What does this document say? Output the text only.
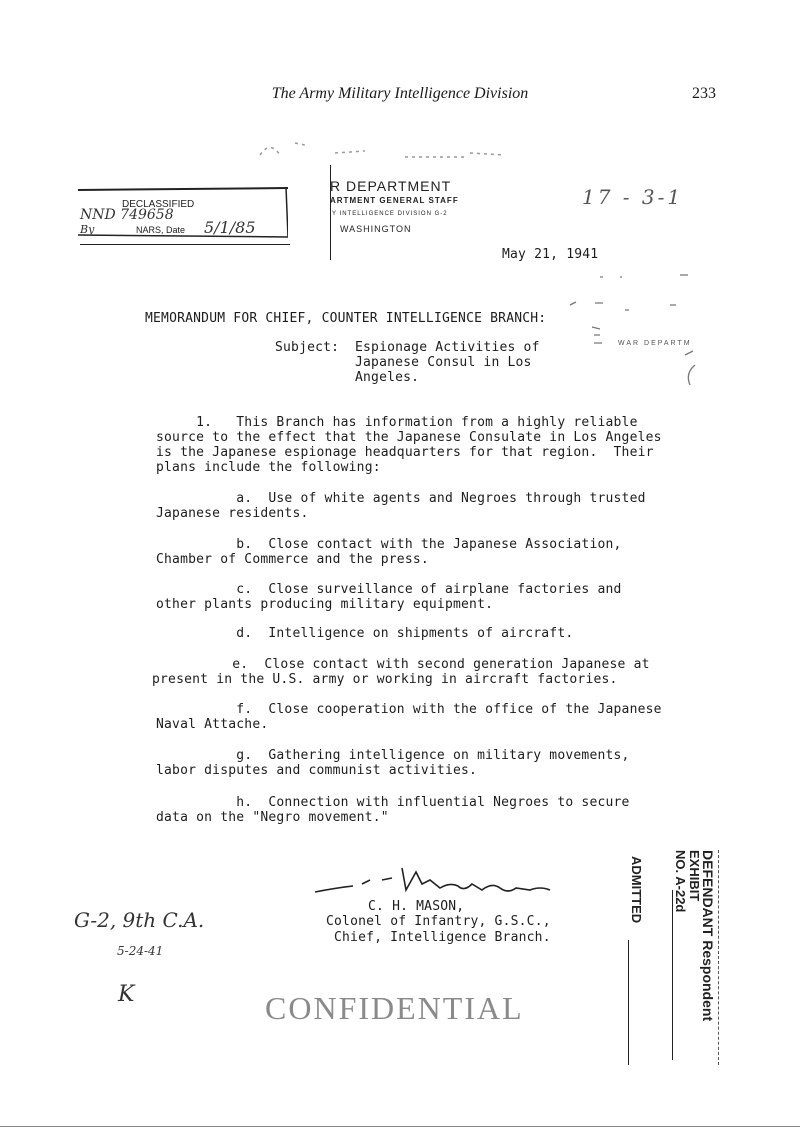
The Army Military Intelligence Division	233
DECLASSIFIED
NND 749658
By	NARS, Date 5/1/85
R DEPARTMENT
ARTMENT GENERAL STAFF
Y INTELLIGENCE DIVISION G-2
WASHINGTON
17 - 3-1
May 21, 1941
MEMORANDUM FOR CHIEF, COUNTER INTELLIGENCE BRANCH:
Subject: Espionage Activities of
Japanese Consul in Los
Angeles.
WAR DEPARTM
1.   This Branch has information from a highly reliable
source to the effect that the Japanese Consulate in Los Angeles
is the Japanese espionage headquarters for that region.  Their
plans include the following:
a.  Use of white agents and Negroes through trusted
Japanese residents.
b.  Close contact with the Japanese Association,
Chamber of Commerce and the press.
c.  Close surveillance of airplane factories and
other plants producing military equipment.
d.  Intelligence on shipments of aircraft.
e.  Close contact with second generation Japanese at
present in the U.S. army or working in aircraft factories.
f.  Close cooperation with the office of the Japanese
Naval Attache.
g.  Gathering intelligence on military movements,
labor disputes and communist activities.
h.  Connection with influential Negroes to secure
data on the "Negro movement."
C. H. MASON,
Colonel of Infantry, G.S.C.,
Chief, Intelligence Branch.
G-2, 9th C.A.
5-24-41
K	CONFIDENTIAL	DEFENDANT Respondent
EXHIBIT
NO. A-22d
ADMITTED
